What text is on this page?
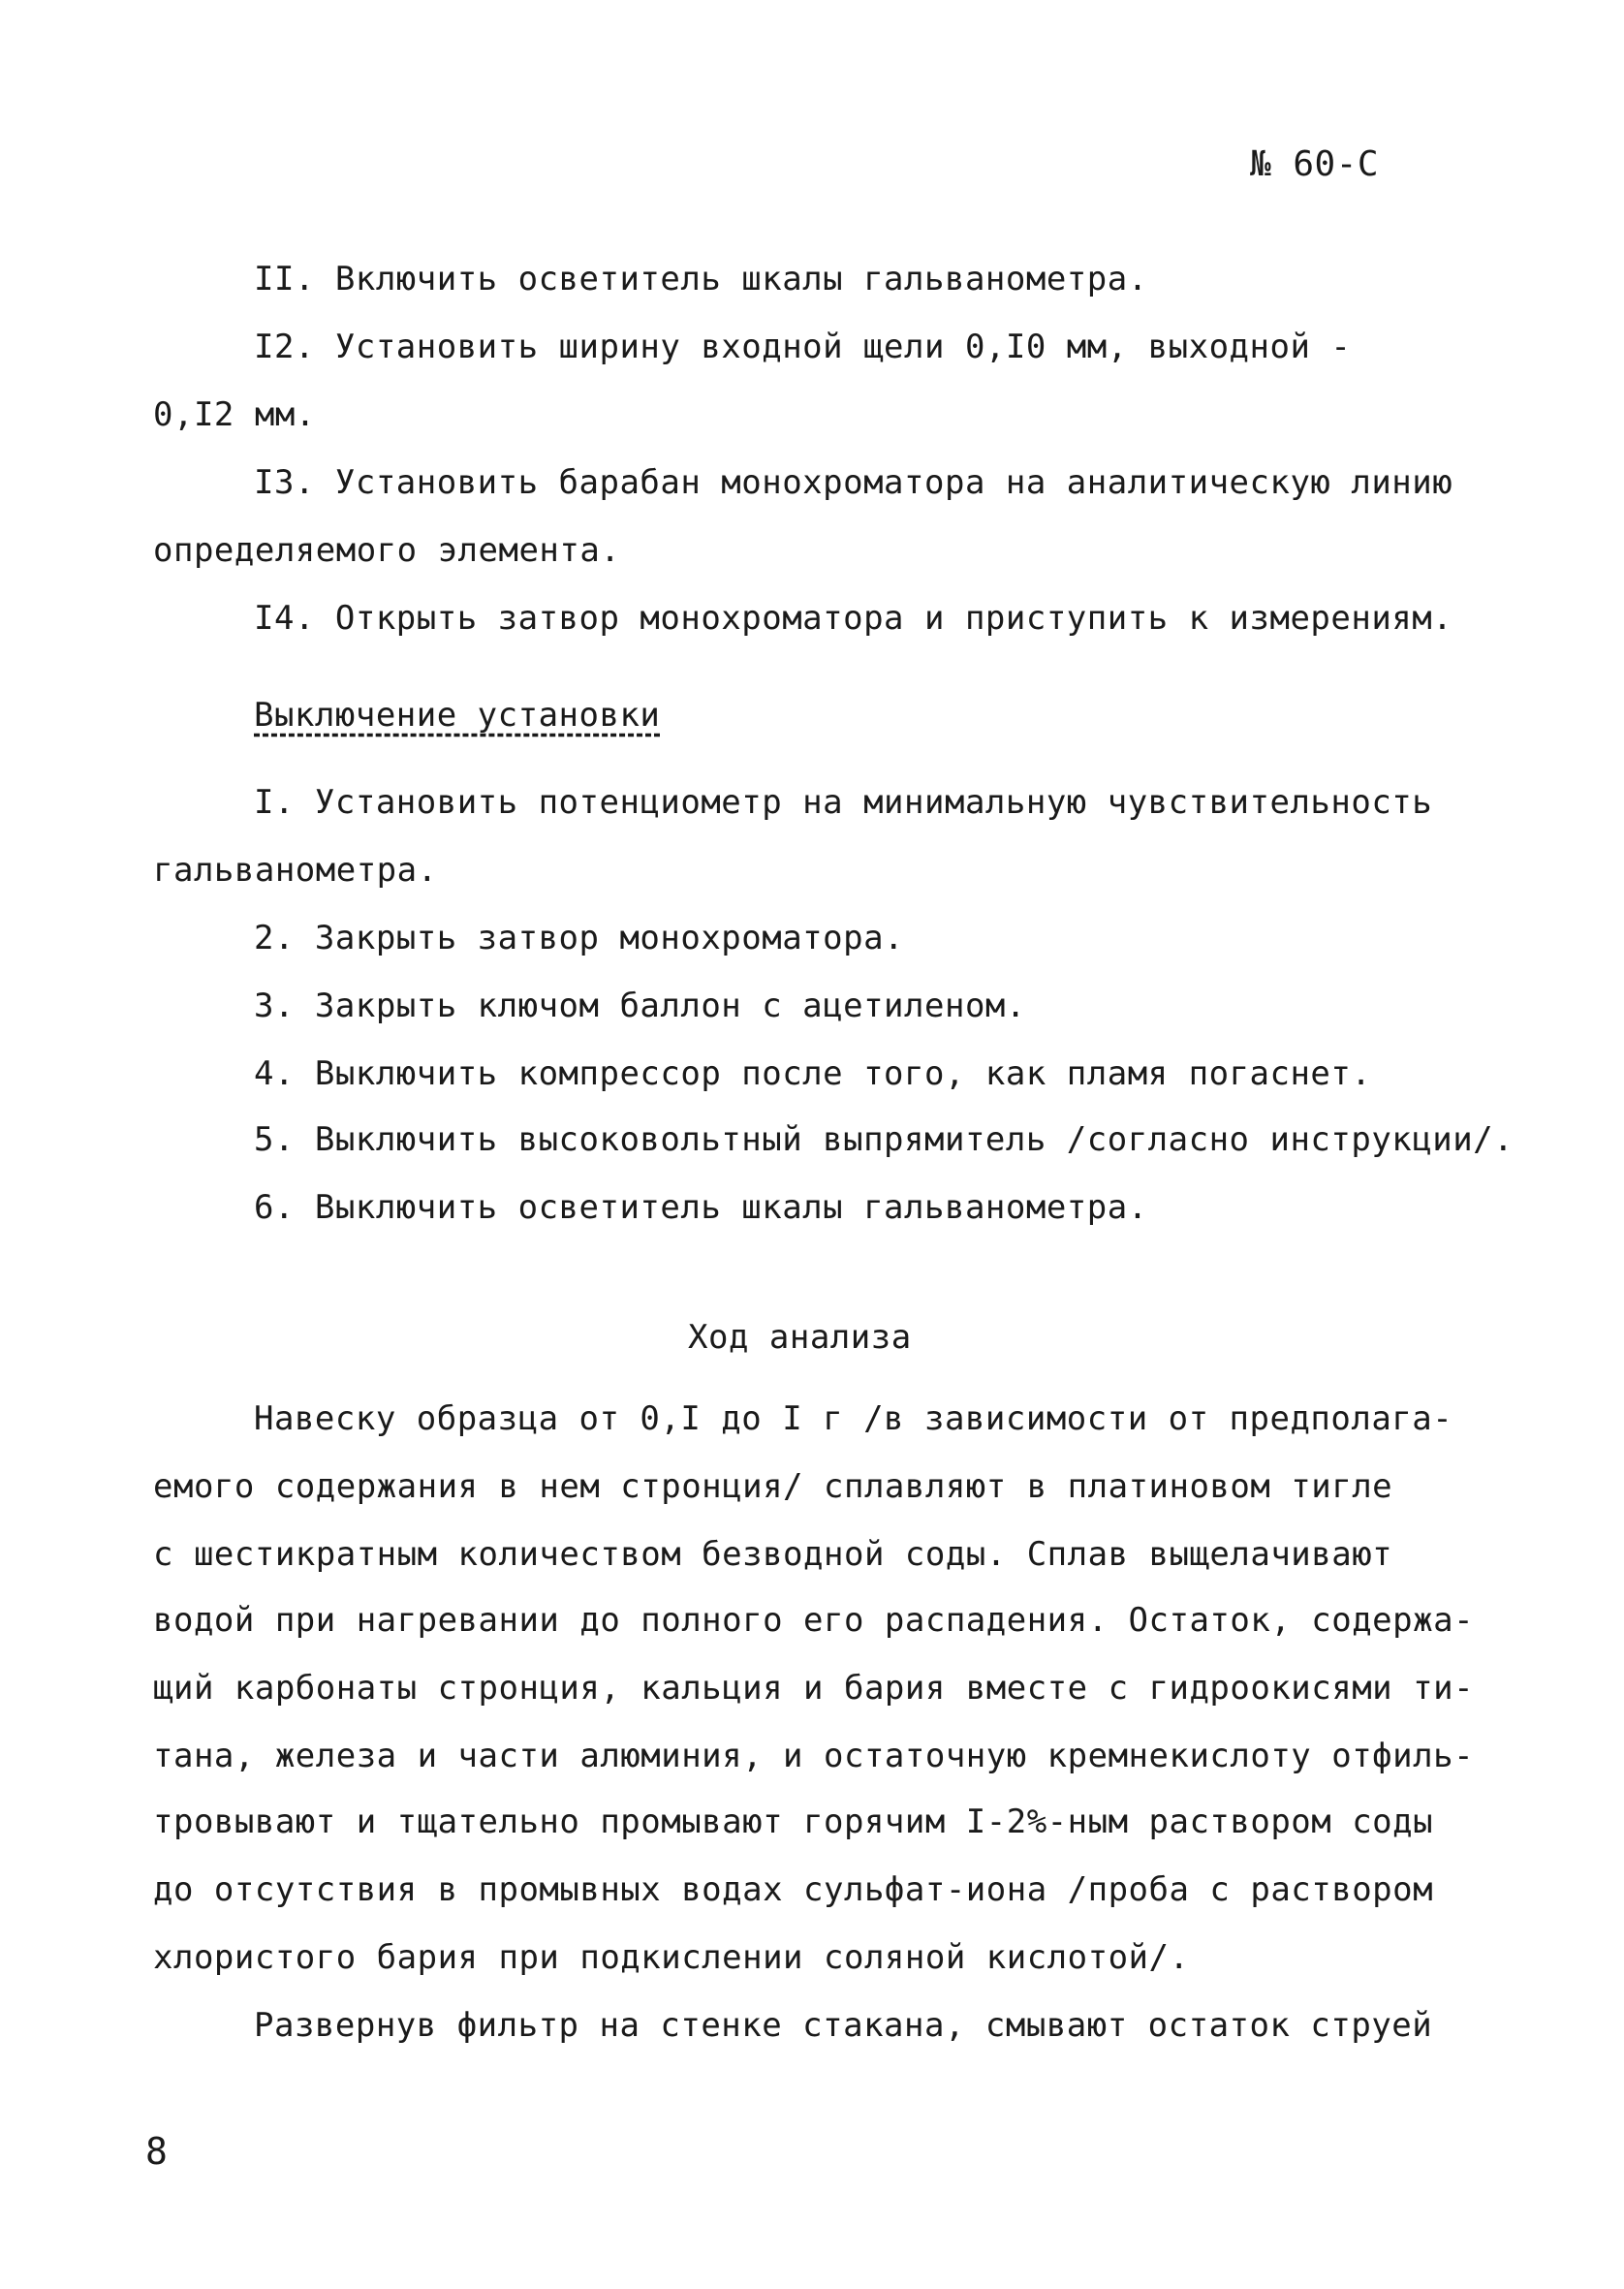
№ 60-С
II. Включить осветитель шкалы гальванометра.
I2. Установить ширину входной щели 0,I0 мм, выходной -
0,I2 мм.
I3. Установить барабан монохроматора на аналитическую линию
определяемого элемента.
I4. Открыть затвор монохроматора и приступить к измерениям.
Выключение установки
I. Установить потенциометр на минимальную чувствительность
гальванометра.
2. Закрыть затвор монохроматора.
3. Закрыть ключом баллон с ацетиленом.
4. Выключить компрессор после того, как пламя погаснет.
5. Выключить высоковольтный выпрямитель /согласно инструкции/.
6. Выключить осветитель шкалы гальванометра.
Ход анализа
Навеску образца от 0,I до I г /в зависимости от предполага-
емого содержания в нем стронция/ сплавляют в платиновом тигле
с шестикратным количеством безводной соды. Сплав выщелачивают
водой при нагревании до полного его распадения. Остаток, содержа-
щий карбонаты стронция, кальция и бария вместе с гидроокисями ти-
тана, железа и части алюминия, и остаточную кремнекислоту отфиль-
тровывают и тщательно промывают горячим I-2%-ным раствором соды
до отсутствия в промывных водах сульфат-иона /проба с раствором
хлористого бария при подкислении соляной кислотой/.
Развернув фильтр на стенке стакана, смывают остаток струей
8
